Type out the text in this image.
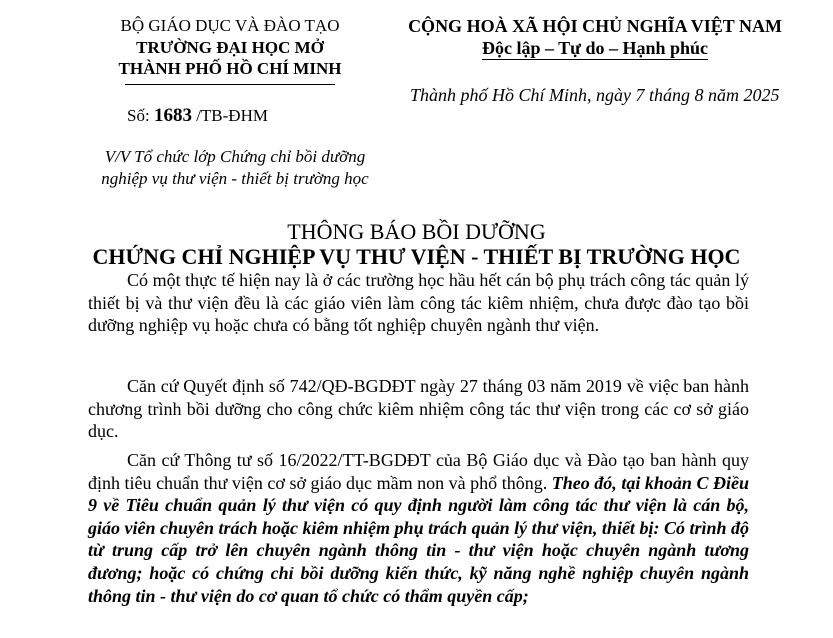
BỘ GIÁO DỤC VÀ ĐÀO TẠO
TRƯỜNG ĐẠI HỌC MỞ
THÀNH PHỐ HỒ CHÍ MINH
CỘNG HOÀ XÃ HỘI CHỦ NGHĨA VIỆT NAM
Độc lập – Tự do – Hạnh phúc
Thành phố Hồ Chí Minh, ngày 7 tháng 8 năm 2025
Số: 1683 /TB-ĐHM
V/V Tổ chức lớp Chứng chỉ bồi dưỡng
nghiệp vụ thư viện - thiết bị trường học
THÔNG BÁO BỒI DƯỠNG
CHỨNG CHỈ NGHIỆP VỤ THƯ VIỆN - THIẾT BỊ TRƯỜNG HỌC
Có một thực tế hiện nay là ở các trường học hầu hết cán bộ phụ trách công tác quản lý thiết bị và thư viện đều là các giáo viên làm công tác kiêm nhiệm, chưa được đào tạo bồi dưỡng nghiệp vụ hoặc chưa có bằng tốt nghiệp chuyên ngành thư viện.
Căn cứ Quyết định số 742/QĐ-BGDĐT ngày 27 tháng 03 năm 2019 về việc ban hành chương trình bồi dưỡng cho công chức kiêm nhiệm công tác thư viện trong các cơ sở giáo dục.
Căn cứ Thông tư số 16/2022/TT-BGDĐT của Bộ Giáo dục và Đào tạo ban hành quy định tiêu chuẩn thư viện cơ sở giáo dục mầm non và phổ thông. Theo đó, tại khoản C Điều 9 về Tiêu chuẩn quản lý thư viện có quy định người làm công tác thư viện là cán bộ, giáo viên chuyên trách hoặc kiêm nhiệm phụ trách quản lý thư viện, thiết bị: Có trình độ từ trung cấp trở lên chuyên ngành thông tin - thư viện hoặc chuyên ngành tương đương; hoặc có chứng chỉ bồi dưỡng kiến thức, kỹ năng nghề nghiệp chuyên ngành thông tin - thư viện do cơ quan tổ chức có thẩm quyền cấp;
